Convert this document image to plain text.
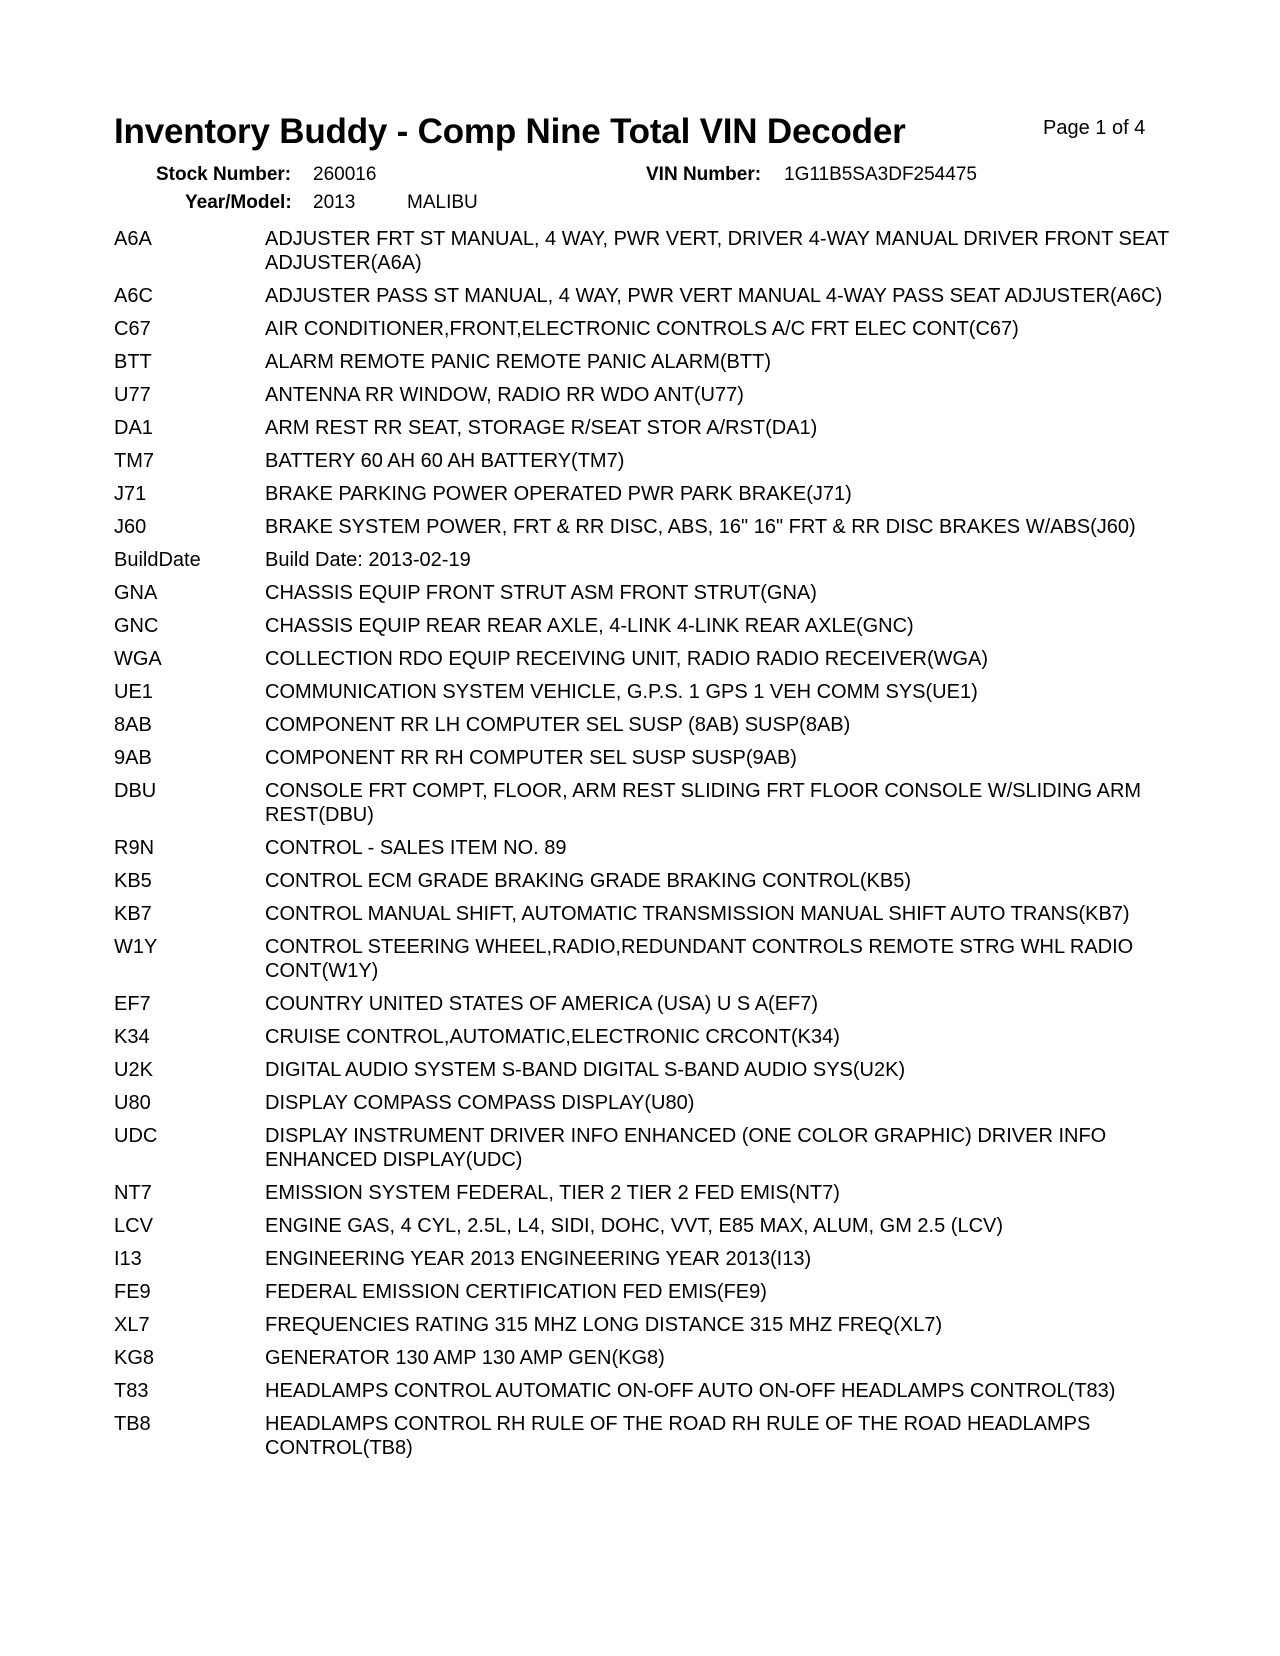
Inventory Buddy - Comp Nine Total VIN Decoder	Page 1 of 4
Stock Number: 260016	VIN Number: 1G11B5SA3DF254475
Year/Model: 2013	MALIBU
A6A	ADJUSTER FRT ST MANUAL, 4 WAY, PWR VERT, DRIVER 4-WAY MANUAL DRIVER FRONT SEAT ADJUSTER(A6A)
A6C	ADJUSTER PASS ST MANUAL, 4 WAY, PWR VERT MANUAL 4-WAY PASS SEAT ADJUSTER(A6C)
C67	AIR CONDITIONER,FRONT,ELECTRONIC CONTROLS A/C FRT ELEC CONT(C67)
BTT	ALARM REMOTE PANIC REMOTE PANIC ALARM(BTT)
U77	ANTENNA RR WINDOW, RADIO RR WDO ANT(U77)
DA1	ARM REST RR SEAT, STORAGE R/SEAT STOR A/RST(DA1)
TM7	BATTERY 60 AH 60 AH BATTERY(TM7)
J71	BRAKE PARKING POWER OPERATED PWR PARK BRAKE(J71)
J60	BRAKE SYSTEM POWER, FRT & RR DISC, ABS, 16" 16" FRT & RR DISC BRAKES W/ABS(J60)
BuildDate	Build Date: 2013-02-19
GNA	CHASSIS EQUIP FRONT STRUT ASM FRONT STRUT(GNA)
GNC	CHASSIS EQUIP REAR REAR AXLE, 4-LINK 4-LINK REAR AXLE(GNC)
WGA	COLLECTION RDO EQUIP RECEIVING UNIT, RADIO RADIO RECEIVER(WGA)
UE1	COMMUNICATION SYSTEM VEHICLE, G.P.S. 1 GPS 1 VEH COMM SYS(UE1)
8AB	COMPONENT RR LH COMPUTER SEL SUSP (8AB) SUSP(8AB)
9AB	COMPONENT RR RH COMPUTER SEL SUSP SUSP(9AB)
DBU	CONSOLE FRT COMPT, FLOOR, ARM REST SLIDING FRT FLOOR CONSOLE W/SLIDING ARM REST(DBU)
R9N	CONTROL - SALES ITEM NO. 89
KB5	CONTROL ECM GRADE BRAKING GRADE BRAKING CONTROL(KB5)
KB7	CONTROL MANUAL SHIFT, AUTOMATIC TRANSMISSION MANUAL SHIFT AUTO TRANS(KB7)
W1Y	CONTROL STEERING WHEEL,RADIO,REDUNDANT CONTROLS REMOTE STRG WHL RADIO CONT(W1Y)
EF7	COUNTRY UNITED STATES OF AMERICA (USA) U S A(EF7)
K34	CRUISE CONTROL,AUTOMATIC,ELECTRONIC CRCONT(K34)
U2K	DIGITAL AUDIO SYSTEM S-BAND DIGITAL S-BAND AUDIO SYS(U2K)
U80	DISPLAY COMPASS COMPASS DISPLAY(U80)
UDC	DISPLAY INSTRUMENT DRIVER INFO ENHANCED (ONE COLOR GRAPHIC) DRIVER INFO ENHANCED DISPLAY(UDC)
NT7	EMISSION SYSTEM FEDERAL, TIER 2 TIER 2 FED EMIS(NT7)
LCV	ENGINE GAS, 4 CYL, 2.5L, L4, SIDI, DOHC, VVT, E85 MAX, ALUM, GM 2.5 (LCV)
I13	ENGINEERING YEAR 2013 ENGINEERING YEAR 2013(I13)
FE9	FEDERAL EMISSION CERTIFICATION FED EMIS(FE9)
XL7	FREQUENCIES RATING 315 MHZ LONG DISTANCE 315 MHZ FREQ(XL7)
KG8	GENERATOR 130 AMP 130 AMP GEN(KG8)
T83	HEADLAMPS CONTROL AUTOMATIC ON-OFF AUTO ON-OFF HEADLAMPS CONTROL(T83)
TB8	HEADLAMPS CONTROL RH RULE OF THE ROAD RH RULE OF THE ROAD HEADLAMPS CONTROL(TB8)
